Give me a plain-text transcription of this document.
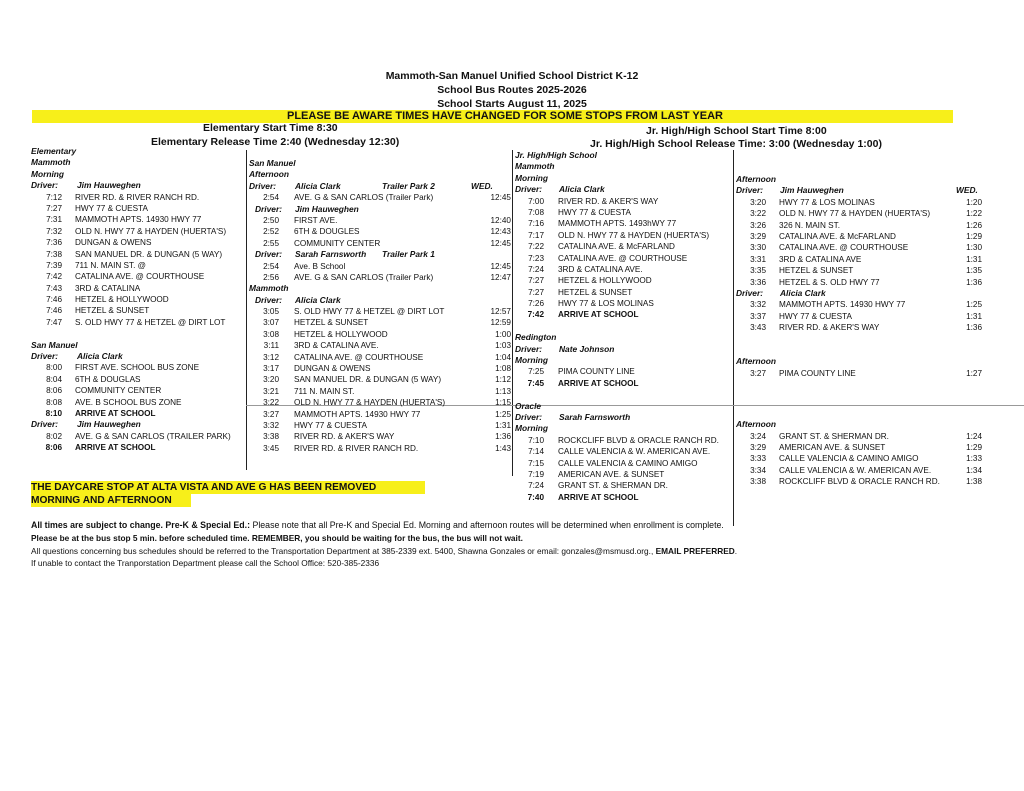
Mammoth-San Manuel Unified School District K-12
School Bus Routes 2025-2026
School Starts August 11, 2025
PLEASE BE AWARE TIMES HAVE CHANGED FOR SOME STOPS FROM LAST YEAR
Elementary Start Time 8:30
Elementary Release Time 2:40 (Wednesday 12:30)
Jr. High/High School Start Time 8:00
Jr. High/High School Release Time: 3:00 (Wednesday 1:00)
Elementary
Mammoth
Morning
Driver: Jim Hauweghen
7:12 RIVER RD. & RIVER RANCH RD.
7:27 HWY 77 & CUESTA
7:31 MAMMOTH APTS. 14930 HWY 77
7:32 OLD N. HWY 77 & HAYDEN (HUERTA'S)
7:36 DUNGAN & OWENS
7:38 SAN MANUEL DR. & DUNGAN (5 WAY)
7:39 711 N. MAIN ST. @
7:42 CATALINA AVE. @ COURTHOUSE
7:43 3RD & CATALINA
7:46 HETZEL & HOLLYWOOD
7:46 HETZEL & SUNSET
7:47 S. OLD HWY 77 & HETZEL @ DIRT LOT
San Manuel
Driver: Alicia Clark
8:00 FIRST AVE. SCHOOL BUS ZONE
8:04 6TH & DOUGLAS
8:06 COMMUNITY CENTER
8:08 AVE. B SCHOOL BUS ZONE
8:10 ARRIVE AT SCHOOL
Driver: Jim Hauweghen
8:02 AVE. G & SAN CARLOS (TRAILER PARK)
8:06 ARRIVE AT SCHOOL
San Manuel
Afternoon
Driver: Alicia Clark	Trailer Park 2	WED.
2:54 AVE. G & SAN CARLOS (Trailer Park)	12:45
Driver: Jim Hauweghen
2:50 FIRST AVE.	12:40
2:52 6TH & DOUGLES	12:43
2:55 COMMUNITY CENTER	12:45
Driver: Sarah Farnsworth Trailer Park 1
2:54 Ave. B School	12:45
2:56 AVE. G & SAN CARLOS (Trailer Park)	12:47
Mammoth
Driver: Alicia Clark
3:05 S. OLD HWY 77 & HETZEL @ DIRT LOT	12:57
3:07 HETZEL & SUNSET	12:59
3:08 HETZEL & HOLLYWOOD	1:00
3:11 3RD & CATALINA AVE.	1:03
3:12 CATALINA AVE. @ COURTHOUSE	1:04
3:17 DUNGAN & OWENS	1:08
3:20 SAN MANUEL DR. & DUNGAN (5 WAY)	1:12
3:21 711 N. MAIN ST.	1:13
3:22 OLD N. HWY 77 & HAYDEN (HUERTA'S)	1:15
3:27 MAMMOTH APTS. 14930 HWY 77	1:25
3:32 HWY 77 & CUESTA	1:31
3:38 RIVER RD. & AKER'S WAY	1:36
3:45 RIVER RD. & RIVER RANCH RD.	1:43
Jr. High/High School
Mammoth
Morning
Driver: Alicia Clark
7:00 RIVER RD. & AKER'S WAY
7:08 HWY 77 & CUESTA
7:16 MAMMOTH APTS. 1493hWY 77
7:17 OLD N. HWY 77 & HAYDEN (HUERTA'S)
7:22 CATALINA AVE. & McFARLAND
7:23 CATALINA AVE. @ COURTHOUSE
7:24 3RD & CATALINA AVE.
7:27 HETZEL & HOLLYWOOD
7:27 HETZEL & SUNSET
7:26 HWY 77 & LOS MOLINAS
7:42 ARRIVE AT SCHOOL
Redington
Driver: Nate Johnson
Morning
7:25 PIMA COUNTY LINE
7:45 ARRIVE AT SCHOOL
Oracle
Driver: Sarah Farnsworth
Morning
7:10 ROCKCLIFF BLVD & ORACLE RANCH RD.
7:14 CALLE VALENCIA & W. AMERICAN AVE.
7:15 CALLE VALENCIA & CAMINO AMIGO
7:19 AMERICAN AVE. & SUNSET
7:24 GRANT ST. & SHERMAN DR.
7:40 ARRIVE AT SCHOOL
Afternoon
Driver: Jim Hauweghen	WED.
3:20 HWY 77 & LOS MOLINAS	1:20
3:22 OLD N. HWY 77 & HAYDEN (HUERTA'S)	1:22
3:26 326 N. MAIN ST.	1:26
3:29 CATALINA AVE. & McFARLAND	1:29
3:30 CATALINA AVE. @ COURTHOUSE	1:30
3:31 3RD & CATALINA AVE	1:31
3:35 HETZEL & SUNSET	1:35
3:36 HETZEL & S. OLD HWY 77	1:36
Driver: Alicia Clark
3:32 MAMMOTH APTS. 14930 HWY 77	1:25
3:37 HWY 77 & CUESTA	1:31
3:43 RIVER RD. & AKER'S WAY	1:36
Afternoon
3:27 PIMA COUNTY LINE	1:27
Afternoon
3:24 GRANT ST. & SHERMAN DR.	1:24
3:29 AMERICAN AVE. & SUNSET	1:29
3:33 CALLE VALENCIA & CAMINO AMIGO	1:33
3:34 CALLE VALENCIA & W. AMERICAN AVE.	1:34
3:38 ROCKCLIFF BLVD & ORACLE RANCH RD.	1:38
THE DAYCARE STOP AT ALTA VISTA AND AVE G HAS BEEN REMOVED
MORNING AND AFTERNOON
All times are subject to change. Pre-K & Special Ed.: Please note that all Pre-K and Special Ed. Morning and afternoon routes will be determined when enrollment is complete.
Please be at the bus stop 5 min. before scheduled time. REMEMBER, you should be waiting for the bus, the bus will not wait.
All questions concerning bus schedules should be referred to the Transportation Department at 385-2339 ext. 5400, Shawna Gonzales or email: gonzales@msmusd.org., EMAIL PREFERRED.
If unable to contact the Tranporstation Department please call the School Office: 520-385-2336
